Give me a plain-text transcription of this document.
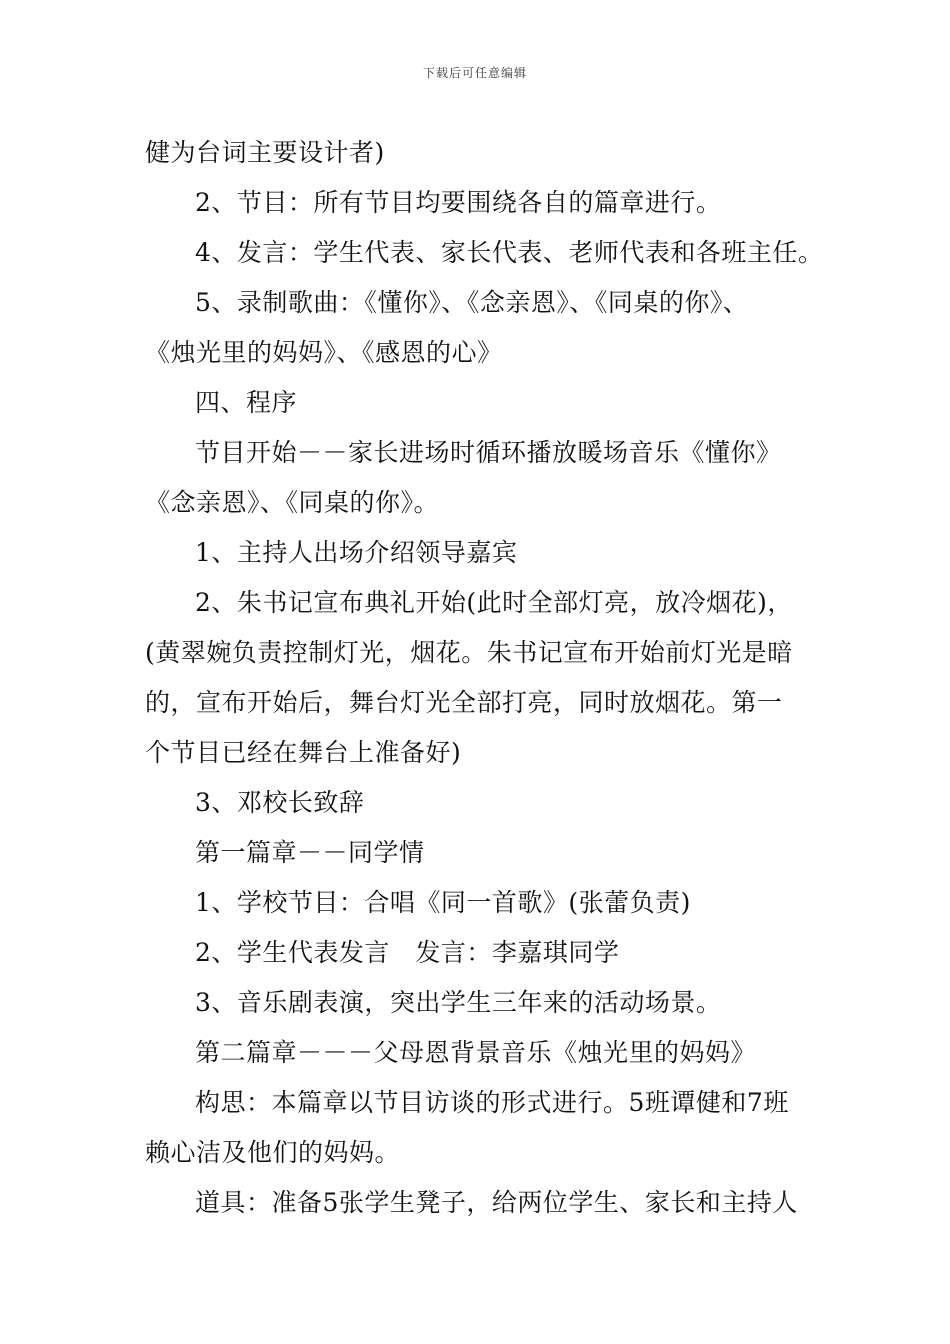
下载后可任意编辑
健为台词主要设计者)
2、节目：所有节目均要围绕各自的篇章进行。
4、发言：学生代表、家长代表、老师代表和各班主任。
5、录制歌曲：《懂你》、《念亲恩》、《同桌的你》、
《烛光里的妈妈》、《感恩的心》
四、程序
节目开始－－家长进场时循环播放暖场音乐《懂你》
《念亲恩》、《同桌的你》。
1、主持人出场介绍领导嘉宾
2、朱书记宣布典礼开始(此时全部灯亮，放冷烟花)，
(黄翠婉负责控制灯光，烟花。朱书记宣布开始前灯光是暗
的，宣布开始后，舞台灯光全部打亮，同时放烟花。第一
个节目已经在舞台上准备好)
3、邓校长致辞
第一篇章－－同学情
1、学校节目：合唱《同一首歌》(张蕾负责)
2、学生代表发言　发言：李嘉琪同学
3、音乐剧表演，突出学生三年来的活动场景。
第二篇章－－－父母恩背景音乐《烛光里的妈妈》
构思：本篇章以节目访谈的形式进行。5班谭健和7班
赖心洁及他们的妈妈。
道具：准备5张学生凳子，给两位学生、家长和主持人
